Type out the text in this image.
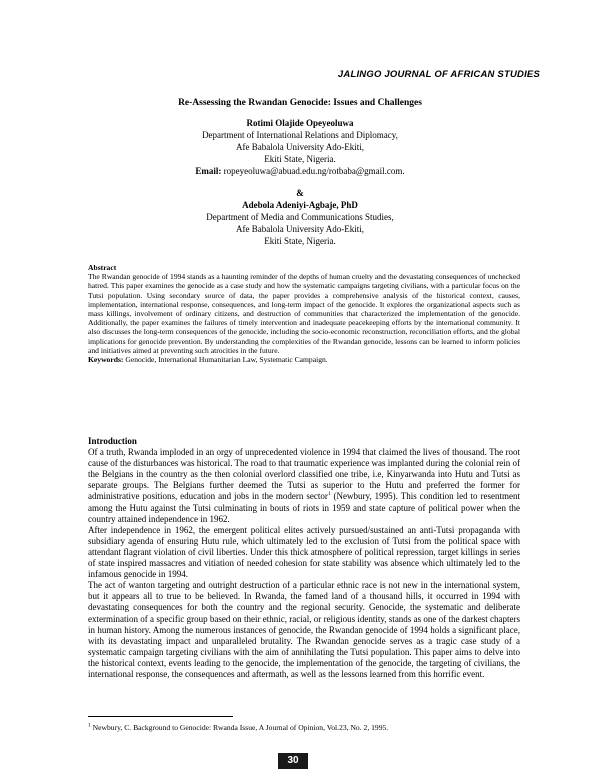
JALINGO JOURNAL OF AFRICAN STUDIES
Re-Assessing the Rwandan Genocide: Issues and Challenges
Rotimi Olajide Opeyeoluwa
Department of International Relations and Diplomacy,
Afe Babalola University Ado-Ekiti,
Ekiti State, Nigeria.
Email: ropeyeoluwa@abuad.edu.ng/rotbaba@gmail.com.
&
Adebola Adeniyi-Agbaje, PhD
Department of Media and Communications Studies,
Afe Babalola University Ado-Ekiti,
Ekiti State, Nigeria.
Abstract
The Rwandan genocide of 1994 stands as a haunting reminder of the depths of human cruelty and the devastating consequences of unchecked hatred. This paper examines the genocide as a case study and how the systematic campaigns targeting civilians, with a particular focus on the Tutsi population. Using secondary source of data, the paper provides a comprehensive analysis of the historical context, causes, implementation, international response, consequences, and long-term impact of the genocide. It explores the organizational aspects such as mass killings, involvement of ordinary citizens, and destruction of communities that characterized the implementation of the genocide. Additionally, the paper examines the failures of timely intervention and inadequate peacekeeping efforts by the international community. It also discusses the long-term consequences of the genocide, including the socio-economic reconstruction, reconciliation efforts, and the global implications for genocide prevention. By understanding the complexities of the Rwandan genocide, lessons can be learned to inform policies and initiatives aimed at preventing such atrocities in the future.
Keywords: Genocide, International Humanitarian Law, Systematic Campaign.
Introduction

Of a truth, Rwanda imploded in an orgy of unprecedented violence in 1994 that claimed the lives of thousand. The root cause of the disturbances was historical. The road to that traumatic experience was implanted during the colonial rein of the Belgians in the country as the then colonial overlord classified one tribe, i.e, Kinyarwanda into Hutu and Tutsi as separate groups. The Belgians further deemed the Tutsi as superior to the Hutu and preferred the former for administrative positions, education and jobs in the modern sector$^1$ (Newbury, 1995). This condition led to resentment among the Hutu against the Tutsi culminating in bouts of riots in 1959 and state capture of political power when the country attained independence in 1962.

After independence in 1962, the emergent political elites actively pursued/sustained an anti-Tutsi propaganda with subsidiary agenda of ensuring Hutu rule, which ultimately led to the exclusion of Tutsi from the political space with attendant flagrant violation of civil liberties. Under this thick atmosphere of political repression, target killings in series of state inspired massacres and vitiation of needed cohesion for state stability was absence which ultimately led to the infamous genocide in 1994.

The act of wanton targeting and outright destruction of a particular ethnic race is not new in the international system, but it appears all to true to be believed. In Rwanda, the famed land of a thousand hills, it occurred in 1994 with devastating consequences for both the country and the regional security. Genocide, the systematic and deliberate extermination of a specific group based on their ethnic, racial, or religious identity, stands as one of the darkest chapters in human history. Among the numerous instances of genocide, the Rwandan genocide of 1994 holds a significant place, with its devastating impact and unparalleled brutality. The Rwandan genocide serves as a tragic case study of a systematic campaign targeting civilians with the aim of annihilating the Tutsi population. This paper aims to delve into the historical context, events leading to the genocide, the implementation of the genocide, the targeting of civilians, the international response, the consequences and aftermath, as well as the lessons learned from this horrific event.

$^1$ Newbury, C. Background to Genocide: Rwanda Issue, A Journal of Opinion, Vol.23, No. 2, 1995.
30
